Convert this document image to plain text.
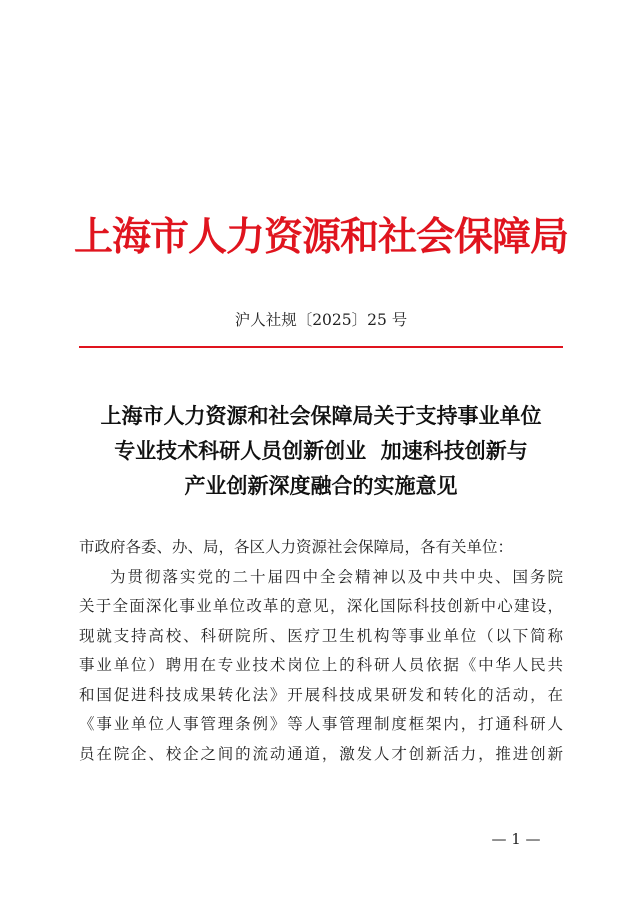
上海市人力资源和社会保障局
沪人社规〔2025〕25 号
上海市人力资源和社会保障局关于支持事业单位
专业技术科研人员创新创业  加速科技创新与
产业创新深度融合的实施意见
市政府各委、办、局，各区人力资源社会保障局，各有关单位：
为贯彻落实党的二十届四中全会精神以及中共中央、国务院
关于全面深化事业单位改革的意见，深化国际科技创新中心建设，
现就支持高校、科研院所、医疗卫生机构等事业单位（以下简称
事业单位）聘用在专业技术岗位上的科研人员依据《中华人民共
和国促进科技成果转化法》开展科技成果研发和转化的活动，在
《事业单位人事管理条例》等人事管理制度框架内，打通科研人
员在院企、校企之间的流动通道，激发人才创新活力，推进创新
— 1 —
